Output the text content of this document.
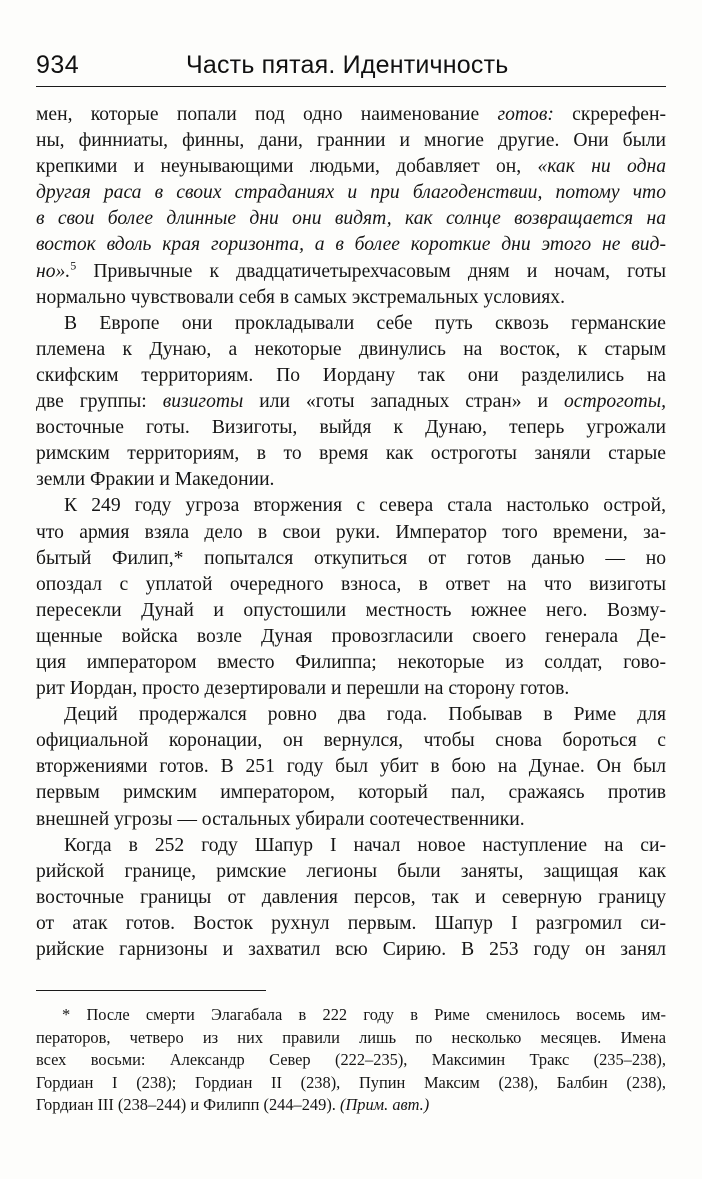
934	Часть пятая. Идентичность
мен, которые попали под одно наименование готов: скререфен-
ны, финниаты, финны, дани, граннии и многие другие. Они были
крепкими и неунывающими людьми, добавляет он, «как ни одна
другая раса в своих страданиях и при благоденствии, потому что
в свои более длинные дни они видят, как солнце возвращается на
восток вдоль края горизонта, а в более короткие дни этого не вид-
но».$^5$ Привычные к двадцатичетырехчасовым дням и ночам, готы
нормально чувствовали себя в самых экстремальных условиях.
В Европе они прокладывали себе путь сквозь германские
племена к Дунаю, а некоторые двинулись на восток, к старым
скифским территориям. По Иордану так они разделились на
две группы: визиготы или «готы западных стран» и остроготы,
восточные готы. Визиготы, выйдя к Дунаю, теперь угрожали
римским территориям, в то время как остроготы заняли старые
земли Фракии и Македонии.
К 249 году угроза вторжения с севера стала настолько острой,
что армия взяла дело в свои руки. Император того времени, за-
бытый Филип,* попытался откупиться от готов данью — но
опоздал с уплатой очередного взноса, в ответ на что визиготы
пересекли Дунай и опустошили местность южнее него. Возму-
щенные войска возле Дуная провозгласили своего генерала Де-
ция императором вместо Филиппа; некоторые из солдат, гово-
рит Иордан, просто дезертировали и перешли на сторону готов.
Деций продержался ровно два года. Побывав в Риме для
официальной коронации, он вернулся, чтобы снова бороться с
вторжениями готов. В 251 году был убит в бою на Дунае. Он был
первым римским императором, который пал, сражаясь против
внешней угрозы — остальных убирали соотечественники.
Когда в 252 году Шапур I начал новое наступление на си-
рийской границе, римские легионы были заняты, защищая как
восточные границы от давления персов, так и северную границу
от атак готов. Восток рухнул первым. Шапур I разгромил си-
рийские гарнизоны и захватил всю Сирию. В 253 году он занял
* После смерти Элагабала в 222 году в Риме сменилось восемь им-
ператоров, четверо из них правили лишь по несколько месяцев. Имена
всех восьми: Александр Север (222–235), Максимин Тракс (235–238),
Гордиан I (238); Гордиан II (238), Пупин Максим (238), Балбин (238),
Гордиан III (238–244) и Филипп (244–249). (Прим. авт.)
